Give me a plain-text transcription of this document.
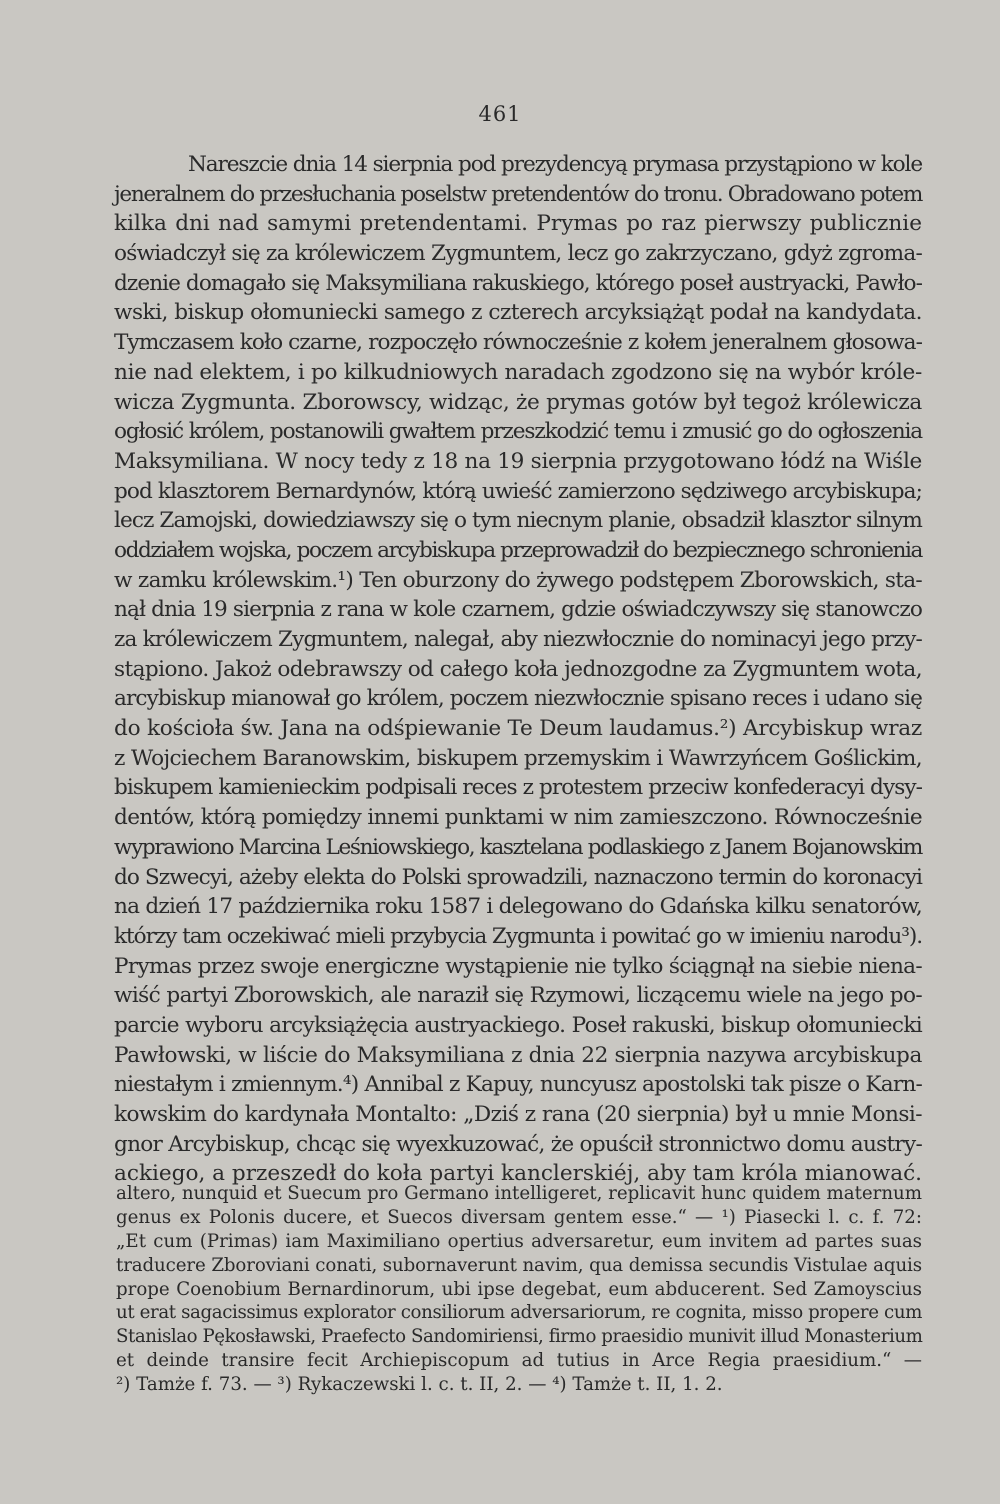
461
Nareszcie dnia 14 sierpnia pod prezydencyą prymasa przystąpiono w kole
jeneralnem do przesłuchania poselstw pretendentów do tronu. Obradowano potem
kilka dni nad samymi pretendentami. Prymas po raz pierwszy publicznie
oświadczył się za królewiczem Zygmuntem, lecz go zakrzyczano, gdyż zgroma-
dzenie domagało się Maksymiliana rakuskiego, którego poseł austryacki, Pawło-
wski, biskup ołomuniecki samego z czterech arcyksiążąt podał na kandydata.
Tymczasem koło czarne, rozpoczęło równocześnie z kołem jeneralnem głosowa-
nie nad elektem, i po kilkudniowych naradach zgodzono się na wybór króle-
wicza Zygmunta. Zborowscy, widząc, że prymas gotów był tegoż królewicza
ogłosić królem, postanowili gwałtem przeszkodzić temu i zmusić go do ogłoszenia
Maksymiliana. W nocy tedy z 18 na 19 sierpnia przygotowano łódź na Wiśle
pod klasztorem Bernardynów, którą uwieść zamierzono sędziwego arcybiskupa;
lecz Zamojski, dowiedziawszy się o tym niecnym planie, obsadził klasztor silnym
oddziałem wojska, poczem arcybiskupa przeprowadził do bezpiecznego schronienia
w zamku królewskim.¹) Ten oburzony do żywego podstępem Zborowskich, sta-
nął dnia 19 sierpnia z rana w kole czarnem, gdzie oświadczywszy się stanowczo
za królewiczem Zygmuntem, nalegał, aby niezwłocznie do nominacyi jego przy-
stąpiono. Jakoż odebrawszy od całego koła jednozgodne za Zygmuntem wota,
arcybiskup mianował go królem, poczem niezwłocznie spisano reces i udano się
do kościoła św. Jana na odśpiewanie Te Deum laudamus.²) Arcybiskup wraz
z Wojciechem Baranowskim, biskupem przemyskim i Wawrzyńcem Goślickim,
biskupem kamienieckim podpisali reces z protestem przeciw konfederacyi dysy-
dentów, którą pomiędzy innemi punktami w nim zamieszczono. Równocześnie
wyprawiono Marcina Leśniowskiego, kasztelana podlaskiego z Janem Bojanowskim
do Szwecyi, ażeby elekta do Polski sprowadzili, naznaczono termin do koronacyi
na dzień 17 października roku 1587 i delegowano do Gdańska kilku senatorów,
którzy tam oczekiwać mieli przybycia Zygmunta i powitać go w imieniu narodu³).
Prymas przez swoje energiczne wystąpienie nie tylko ściągnął na siebie niena-
wiść partyi Zborowskich, ale naraził się Rzymowi, liczącemu wiele na jego po-
parcie wyboru arcyksiążęcia austryackiego. Poseł rakuski, biskup ołomuniecki
Pawłowski, w liście do Maksymiliana z dnia 22 sierpnia nazywa arcybiskupa
niestałym i zmiennym.⁴) Annibal z Kapuy, nuncyusz apostolski tak pisze o Karn-
kowskim do kardynała Montalto: „Dziś z rana (20 sierpnia) był u mnie Monsi-
gnor Arcybiskup, chcąc się wyexkuzować, że opuścił stronnictwo domu austry-
ackiego, a przeszedł do koła partyi kanclerskiéj, aby tam króla mianować.
altero, nunquid et Suecum pro Germano intelligeret, replicavit hunc quidem maternum
genus ex Polonis ducere, et Suecos diversam gentem esse.“ — ¹) Piasecki l. c. f. 72:
„Et cum (Primas) iam Maximiliano opertius adversaretur, eum invitem ad partes suas
traducere Zboroviani conati, subornaverunt navim, qua demissa secundis Vistulae aquis
prope Coenobium Bernardinorum, ubi ipse degebat, eum abducerent. Sed Zamoyscius
ut erat sagacissimus explorator consiliorum adversariorum, re cognita, misso propere cum
Stanislao Pękosławski, Praefecto Sandomiriensi, firmo praesidio munivit illud Monasterium
et deinde transire fecit Archiepiscopum ad tutius in Arce Regia praesidium.“ —
²) Tamże f. 73. — ³) Rykaczewski l. c. t. II, 2. — ⁴) Tamże t. II, 1. 2.
